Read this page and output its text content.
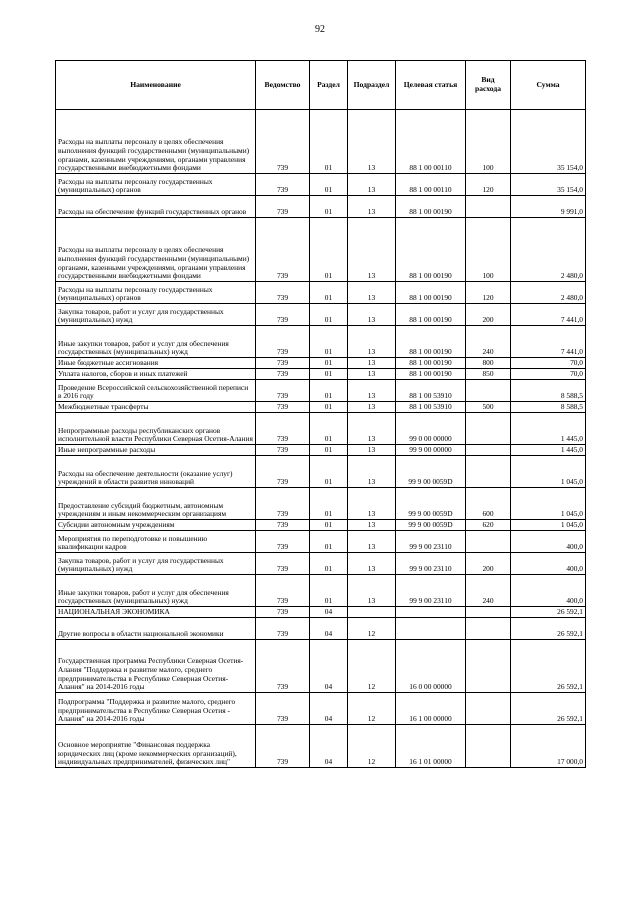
92
Наименование	Ведомство	Раздел	Подраздел	Целевая статья	Вид расхода	Сумма
Расходы на выплаты персоналу в целях обеспечения выполнения функций государственными (муниципальными) органами, казенными учреждениями, органами управления государственными внебюджетными фондами	739	01	13	88 1 00 00110	100	35 154,0
Расходы на выплаты персоналу государственных (муниципальных) органов	739	01	13	88 1 00 00110	120	35 154,0
Расходы на обеспечение функций государственных органов	739	01	13	88 1 00 00190		9 991,0
Расходы на выплаты персоналу в целях обеспечения выполнения функций государственными (муниципальными) органами, казенными учреждениями, органами управления государственными внебюджетными фондами	739	01	13	88 1 00 00190	100	2 480,0
Расходы на выплаты персоналу государственных (муниципальных) органов	739	01	13	88 1 00 00190	120	2 480,0
Закупка товаров, работ и услуг для государственных (муниципальных) нужд	739	01	13	88 1 00 00190	200	7 441,0
Иные закупки товаров, работ и услуг для обеспечения государственных (муниципальных) нужд	739	01	13	88 1 00 00190	240	7 441,0
Иные бюджетные ассигнования	739	01	13	88 1 00 00190	800	70,0
Уплата налогов, сборов и иных платежей	739	01	13	88 1 00 00190	850	70,0
Проведение Всероссийской сельскохозяйственной переписи в 2016 году	739	01	13	88 1 00 53910		8 588,5
Межбюджетные трансферты	739	01	13	88 1 00 53910	500	8 588,5
Непрограммные расходы республиканских органов исполнительной власти Республики Северная Осетия-Алания	739	01	13	99 0 00 00000		1 445,0
Иные непрограммные расходы	739	01	13	99 9 00 00000		1 445,0
Расходы на обеспечение деятельности (оказание услуг) учреждений в области развития инноваций	739	01	13	99 9 00 0059D		1 045,0
Предоставление субсидий бюджетным, автономным учреждениям и иным некоммерческим организациям	739	01	13	99 9 00 0059D	600	1 045,0
Субсидии автономным учреждениям	739	01	13	99 9 00 0059D	620	1 045,0
Мероприятия по переподготовке и повышению квалификации кадров	739	01	13	99 9 00 23110		400,0
Закупка товаров, работ и услуг для государственных (муниципальных) нужд	739	01	13	99 9 00 23110	200	400,0
Иные закупки товаров, работ и услуг для обеспечения государственных (муниципальных) нужд	739	01	13	99 9 00 23110	240	400,0
НАЦИОНАЛЬНАЯ ЭКОНОМИКА	739	04				26 592,1
Другие вопросы в области национальной экономики	739	04	12			26 592,1
Государственная программа Республики Северная Осетия-Алания "Поддержка и развитие малого, среднего предпринимательства в Республике Северная Осетия-Алания" на 2014-2016 годы	739	04	12	16 0 00 00000		26 592,1
Подпрограмма "Поддержка и развитие малого, среднего предпринимательства в Республике Северная Осетия - Алания" на 2014-2016 годы	739	04	12	16 1 00 00000		26 592,1
Основное мероприятие "Финансовая поддержка юридических лиц (кроме некоммерческих организаций), индивидуальных предпринимателей, физических лиц"	739	04	12	16 1 01 00000		17 000,0
